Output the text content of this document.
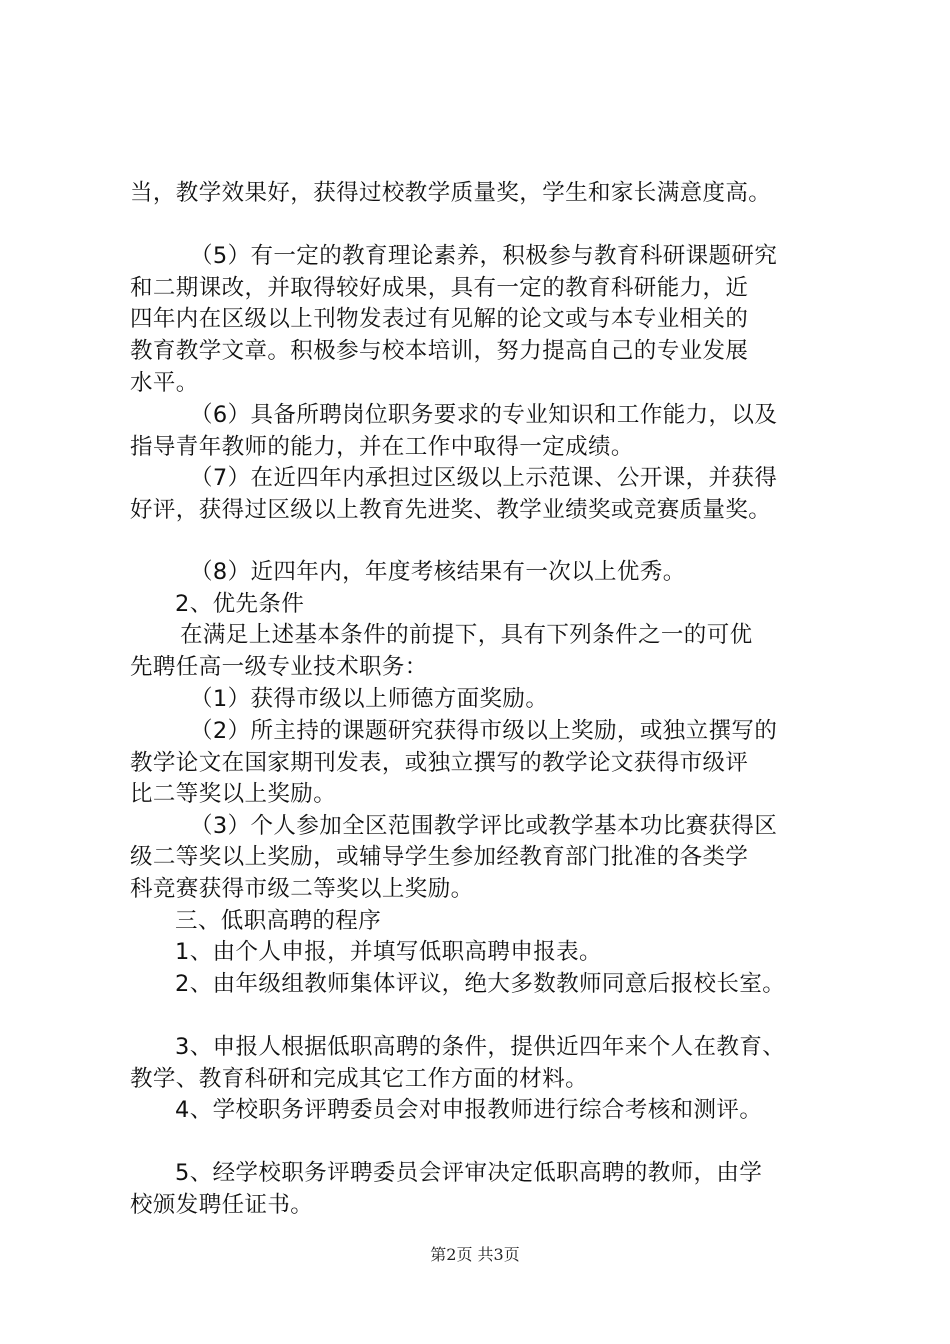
当，教学效果好，获得过校教学质量奖，学生和家长满意度高。
（5）有一定的教育理论素养，积极参与教育科研课题研究
和二期课改，并取得较好成果，具有一定的教育科研能力，近
四年内在区级以上刊物发表过有见解的论文或与本专业相关的
教育教学文章。积极参与校本培训，努力提高自己的专业发展
水平。
（6）具备所聘岗位职务要求的专业知识和工作能力，以及
指导青年教师的能力，并在工作中取得一定成绩。
（7）在近四年内承担过区级以上示范课、公开课，并获得
好评，获得过区级以上教育先进奖、教学业绩奖或竞赛质量奖。
（8）近四年内，年度考核结果有一次以上优秀。
2、优先条件
在满足上述基本条件的前提下，具有下列条件之一的可优
先聘任高一级专业技术职务：
（1）获得市级以上师德方面奖励。
（2）所主持的课题研究获得市级以上奖励，或独立撰写的
教学论文在国家期刊发表，或独立撰写的教学论文获得市级评
比二等奖以上奖励。
（3）个人参加全区范围教学评比或教学基本功比赛获得区
级二等奖以上奖励，或辅导学生参加经教育部门批准的各类学
科竞赛获得市级二等奖以上奖励。
三、低职高聘的程序
1、由个人申报，并填写低职高聘申报表。
2、由年级组教师集体评议，绝大多数教师同意后报校长室。
3、申报人根据低职高聘的条件，提供近四年来个人在教育、
教学、教育科研和完成其它工作方面的材料。
4、学校职务评聘委员会对申报教师进行综合考核和测评。
5、经学校职务评聘委员会评审决定低职高聘的教师，由学
校颁发聘任证书。
第2页 共3页
